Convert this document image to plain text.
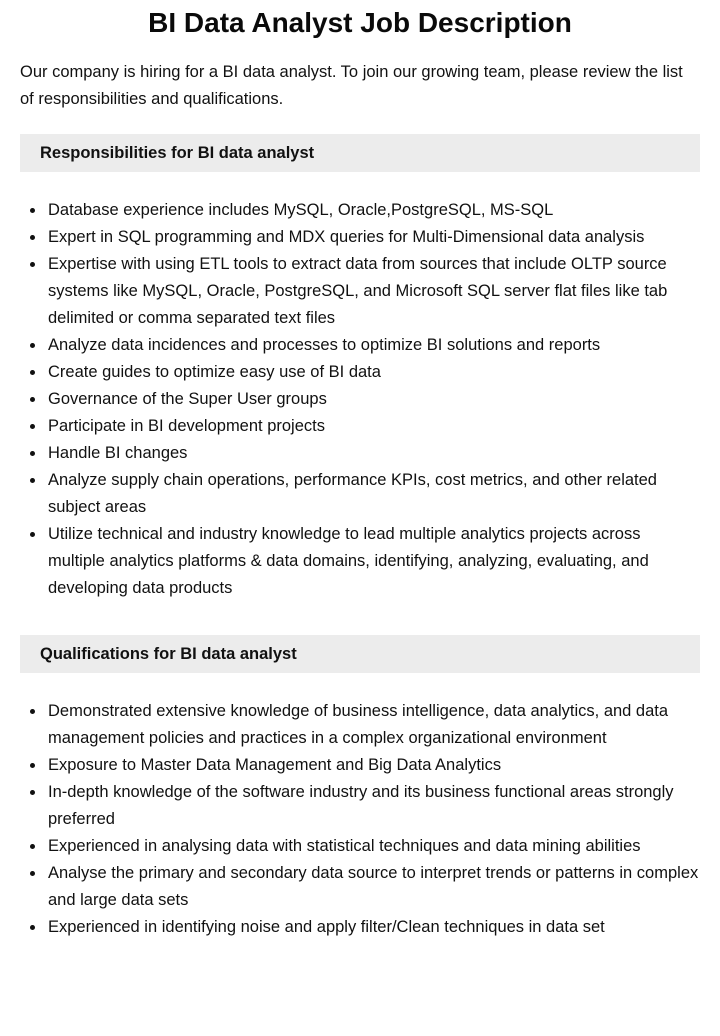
BI Data Analyst Job Description

Our company is hiring for a BI data analyst. To join our growing team, please review the list of responsibilities and qualifications.

Responsibilities for BI data analyst
• Database experience includes MySQL, Oracle,PostgreSQL, MS-SQL
• Expert in SQL programming and MDX queries for Multi-Dimensional data analysis
• Expertise with using ETL tools to extract data from sources that include OLTP source systems like MySQL, Oracle, PostgreSQL, and Microsoft SQL server flat files like tab delimited or comma separated text files
• Analyze data incidences and processes to optimize BI solutions and reports
• Create guides to optimize easy use of BI data
• Governance of the Super User groups
• Participate in BI development projects
• Handle BI changes
• Analyze supply chain operations, performance KPIs, cost metrics, and other related subject areas
• Utilize technical and industry knowledge to lead multiple analytics projects across multiple analytics platforms & data domains, identifying, analyzing, evaluating, and developing data products
Qualifications for BI data analyst
• Demonstrated extensive knowledge of business intelligence, data analytics, and data management policies and practices in a complex organizational environment
• Exposure to Master Data Management and Big Data Analytics
• In-depth knowledge of the software industry and its business functional areas strongly preferred
• Experienced in analysing data with statistical techniques and data mining abilities
• Analyse the primary and secondary data source to interpret trends or patterns in complex and large data sets
• Experienced in identifying noise and apply filter/Clean techniques in data set
